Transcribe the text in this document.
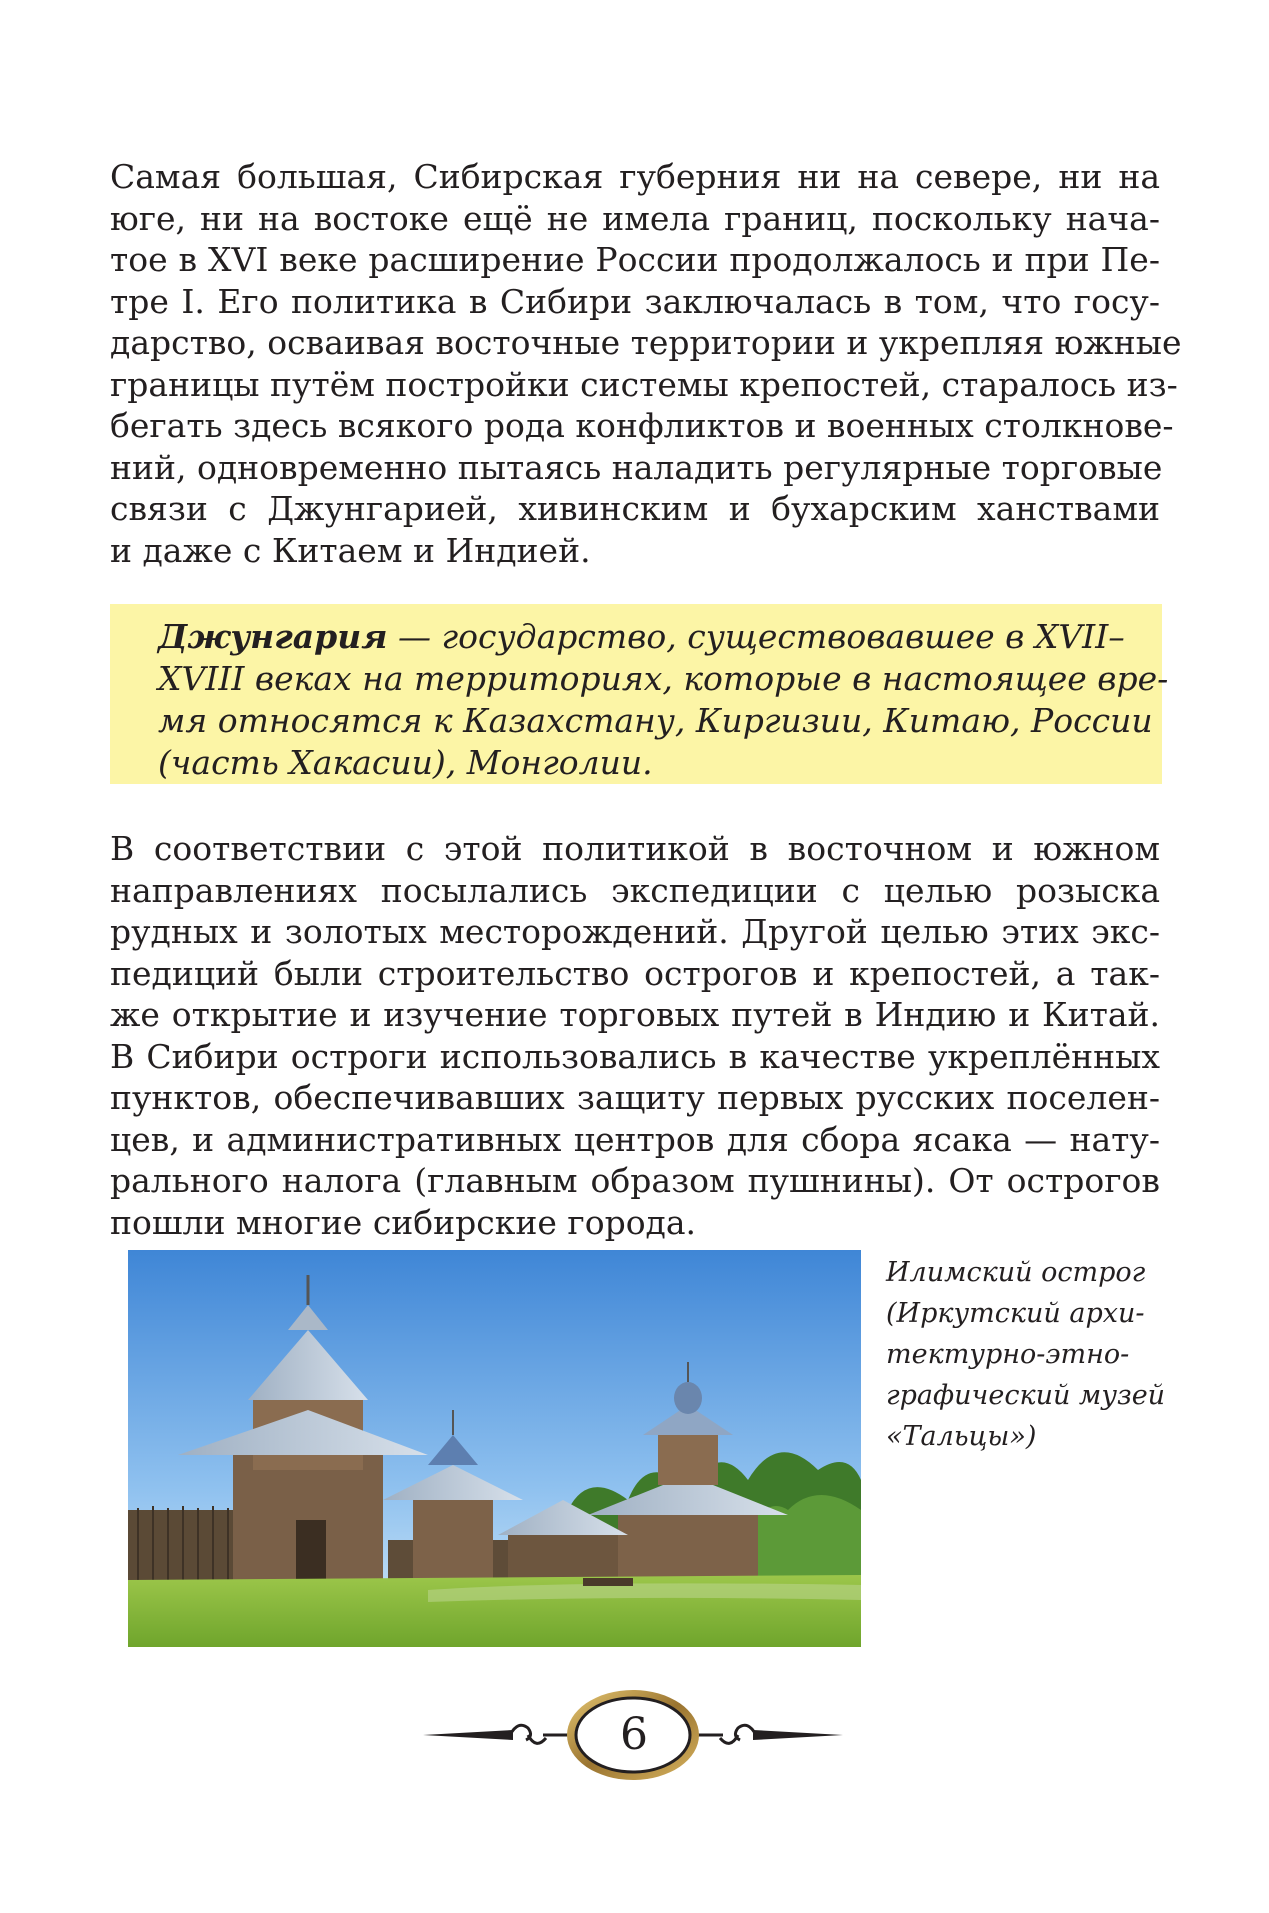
Самая большая, Сибирская губерния ни на севере, ни на
юге, ни на востоке ещё не имела границ, поскольку нача-
тое в XVI веке расширение России продолжалось и при Пе-
тре I. Его политика в Сибири заключалась в том, что госу-
дарство, осваивая восточные территории и укрепляя южные
границы путём постройки системы крепостей, старалось из-
бегать здесь всякого рода конфликтов и военных столкнове-
ний, одновременно пытаясь наладить регулярные торговые
связи с Джунгарией, хивинским и бухарским ханствами
и даже с Китаем и Индией.
Джунгария — государство, существовавшее в XVII–
XVIII веках на территориях, которые в настоящее вре-
мя относятся к Казахстану, Киргизии, Китаю, России
(часть Хакасии), Монголии.
В соответствии с этой политикой в восточном и южном
направлениях посылались экспедиции с целью розыска
рудных и золотых месторождений. Другой целью этих экс-
педиций были строительство острогов и крепостей, а так-
же открытие и изучение торговых путей в Индию и Китай.
В Сибири остроги использовались в качестве укреплённых
пунктов, обеспечивавших защиту первых русских поселен-
цев, и административных центров для сбора ясака — нату-
рального налога (главным образом пушнины). От острогов
пошли многие сибирские города.
Илимский острог
(Иркутский архи-
тектурно-этно-
графический музей
«Тальцы»)
6
